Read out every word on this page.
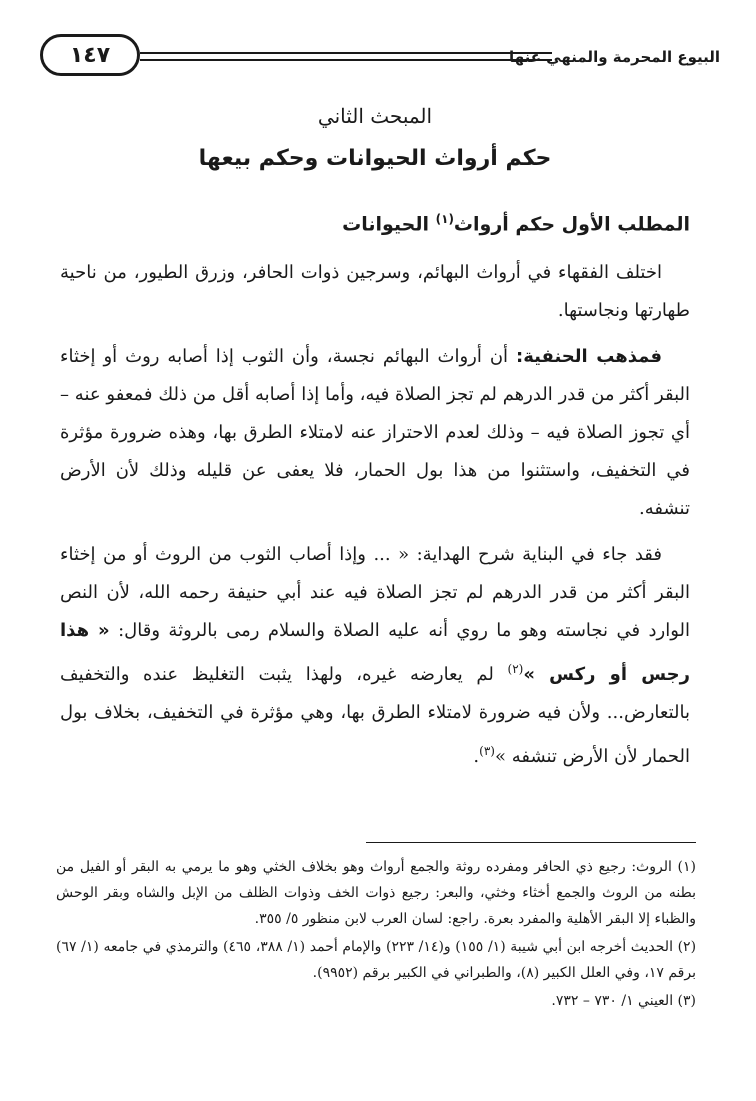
البيوع المحرمة والمنهي عنها
١٤٧
المبحث الثاني
حكم أرواث الحيوانات وحكم بيعها
المطلب الأول حكم أرواث$^{(١)}$ الحيوانات

اختلف الفقهاء في أرواث البهائم، وسرجين ذوات الحافر، وزرق الطيور، من ناحية طهارتها ونجاستها.

فمذهب الحنفية: أن أرواث البهائم نجسة، وأن الثوب إذا أصابه روث أو إخثاء البقر أكثر من قدر الدرهم لم تجز الصلاة فيه، وأما إذا أصابه أقل من ذلك فمعفو عنه – أي تجوز الصلاة فيه – وذلك لعدم الاحتراز عنه لامتلاء الطرق بها، وهذه ضرورة مؤثرة في التخفيف، واستثنوا من هذا بول الحمار، فلا يعفى عن قليله وذلك لأن الأرض تنشفه.

فقد جاء في البناية شرح الهداية: « ... وإذا أصاب الثوب من الروث أو من إخثاء البقر أكثر من قدر الدرهم لم تجز الصلاة فيه عند أبي حنيفة رحمه الله، لأن النص الوارد في نجاسته وهو ما روي أنه عليه الصلاة والسلام رمى بالروثة وقال: « هذا رجس أو ركس »$^{(٢)}$ لم يعارضه غيره، ولهذا يثبت التغليظ عنده والتخفيف بالتعارض... ولأن فيه ضرورة لامتلاء الطرق بها، وهي مؤثرة في التخفيف، بخلاف بول الحمار لأن الأرض تنشفه »$^{(٣)}$.

(١) الروث: رجيع ذي الحافر ومفرده روثة والجمع أرواث وهو بخلاف الخثي وهو ما يرمي به البقر أو الفيل من بطنه من الروث والجمع أخثاء وخثي، والبعر: رجيع ذوات الخف وذوات الظلف من الإبل والشاه وبقر الوحش والظباء إلا البقر الأهلية والمفرد بعرة. راجع: لسان العرب لابن منظور ٥/ ٣٥٥.

(٢) الحديث أخرجه ابن أبي شيبة (١/ ١٥٥) و(١٤/ ٢٢٣) والإمام أحمد (١/ ٣٨٨، ٤٦٥) والترمذي في جامعه (١/ ٦٧) برقم ١٧، وفي العلل الكبير (٨)، والطبراني في الكبير برقم (٩٩٥٢).

(٣) العيني ١/ ٧٣٠ – ٧٣٢.
